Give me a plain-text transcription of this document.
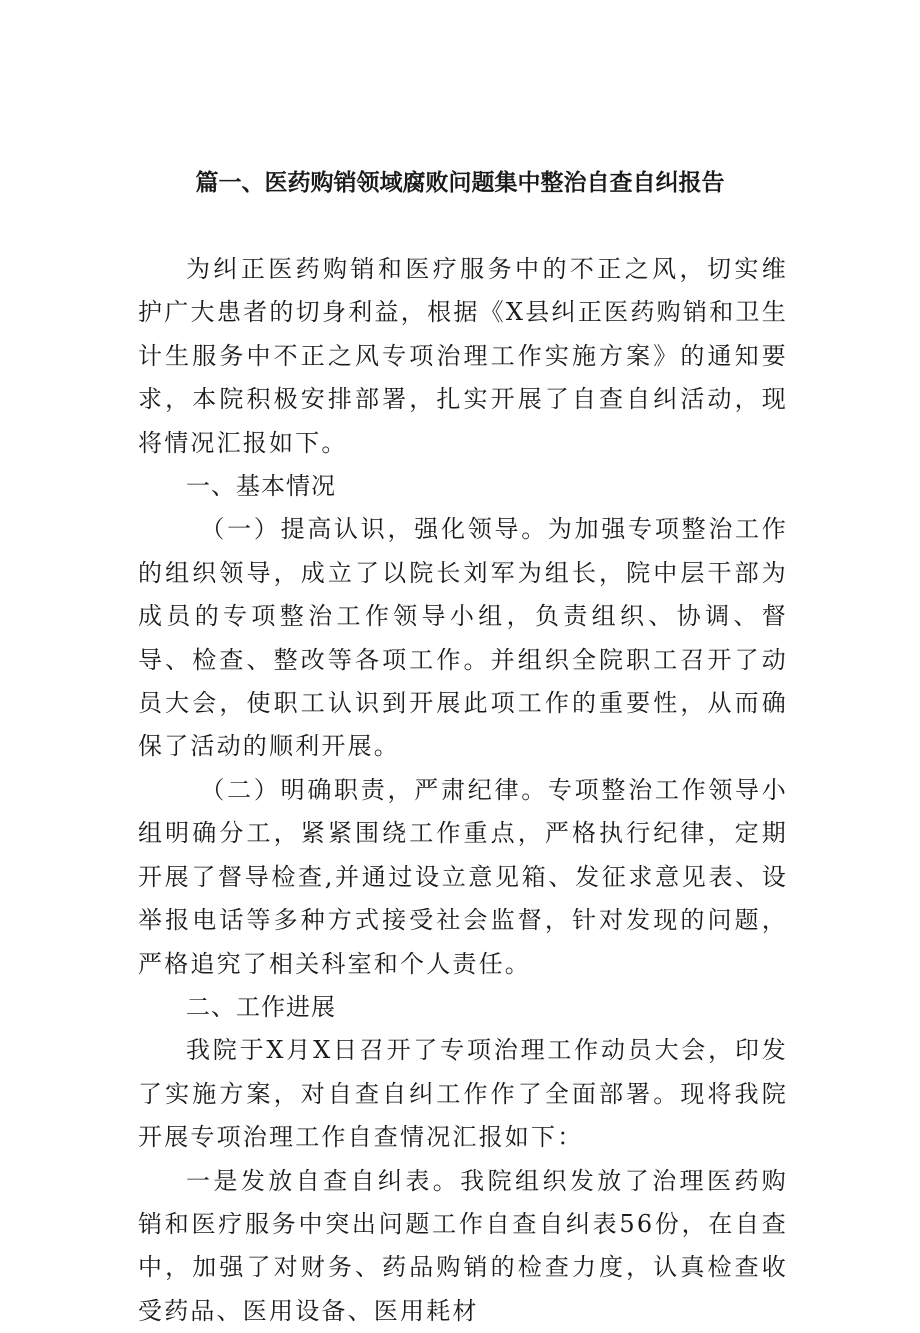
篇一、医药购销领域腐败问题集中整治自查自纠报告

为纠正医药购销和医疗服务中的不正之风，切实维护广大患者的切身利益，根据《X县纠正医药购销和卫生计生服务中不正之风专项治理工作实施方案》的通知要求，本院积极安排部署，扎实开展了自查自纠活动，现将情况汇报如下。

一、基本情况

（一）提高认识，强化领导。为加强专项整治工作的组织领导，成立了以院长刘军为组长，院中层干部为成员的专项整治工作领导小组，负责组织、协调、督导、检查、整改等各项工作。并组织全院职工召开了动员大会，使职工认识到开展此项工作的重要性，从而确保了活动的顺利开展。

（二）明确职责，严肃纪律。专项整治工作领导小组明确分工，紧紧围绕工作重点，严格执行纪律，定期开展了督导检查,并通过设立意见箱、发征求意见表、设举报电话等多种方式接受社会监督，针对发现的问题，严格追究了相关科室和个人责任。

二、工作进展

我院于X月X日召开了专项治理工作动员大会，印发了实施方案，对自查自纠工作作了全面部署。现将我院开展专项治理工作自查情况汇报如下：

一是发放自查自纠表。我院组织发放了治理医药购销和医疗服务中突出问题工作自查自纠表56份，在自查中，加强了对财务、药品购销的检查力度，认真检查收受药品、医用设备、医用耗材
